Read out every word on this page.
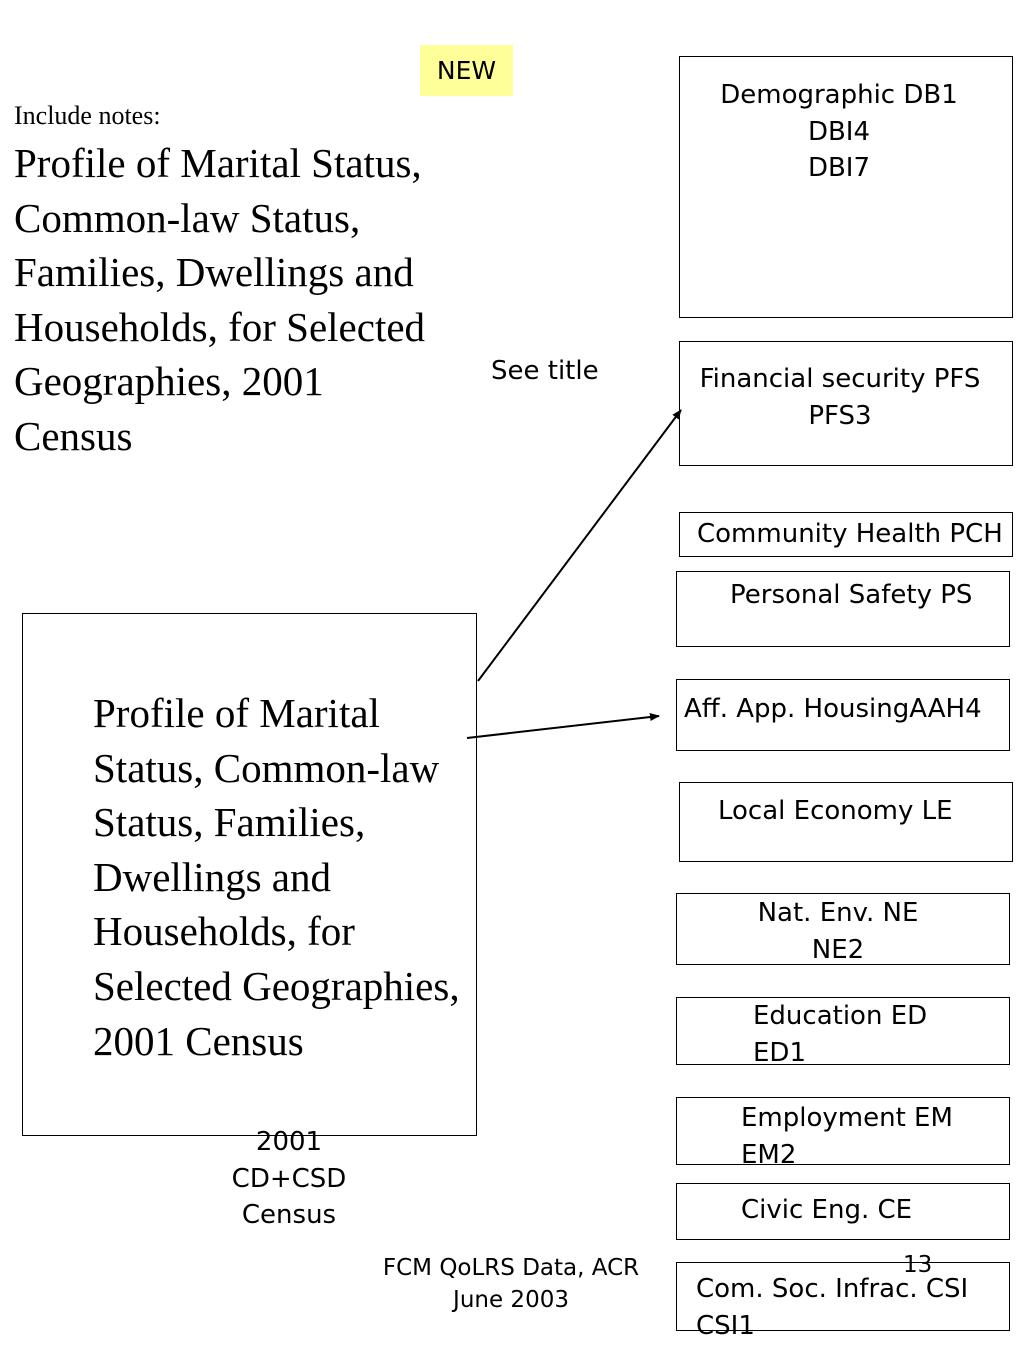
NEW
Include notes:
Profile of Marital Status, Common-law Status, Families, Dwellings and Households, for Selected Geographies, 2001 Census
See title
Profile of Marital Status, Common-law Status, Families, Dwellings and Households, for Selected Geographies, 2001 Census
2001
CD+CSD
Census
FCM QoLRS Data, ACR
June 2003
13
Demographic DB1
DBI4
DBI7
Financial security PFS
PFS3
Community Health PCH
Personal Safety PS
Aff. App. HousingAAH4
Local Economy LE
Nat. Env. NE
NE2
Education ED
ED1
Employment EM
EM2
Civic Eng. CE
Com. Soc. Infrac. CSI
CSI1
